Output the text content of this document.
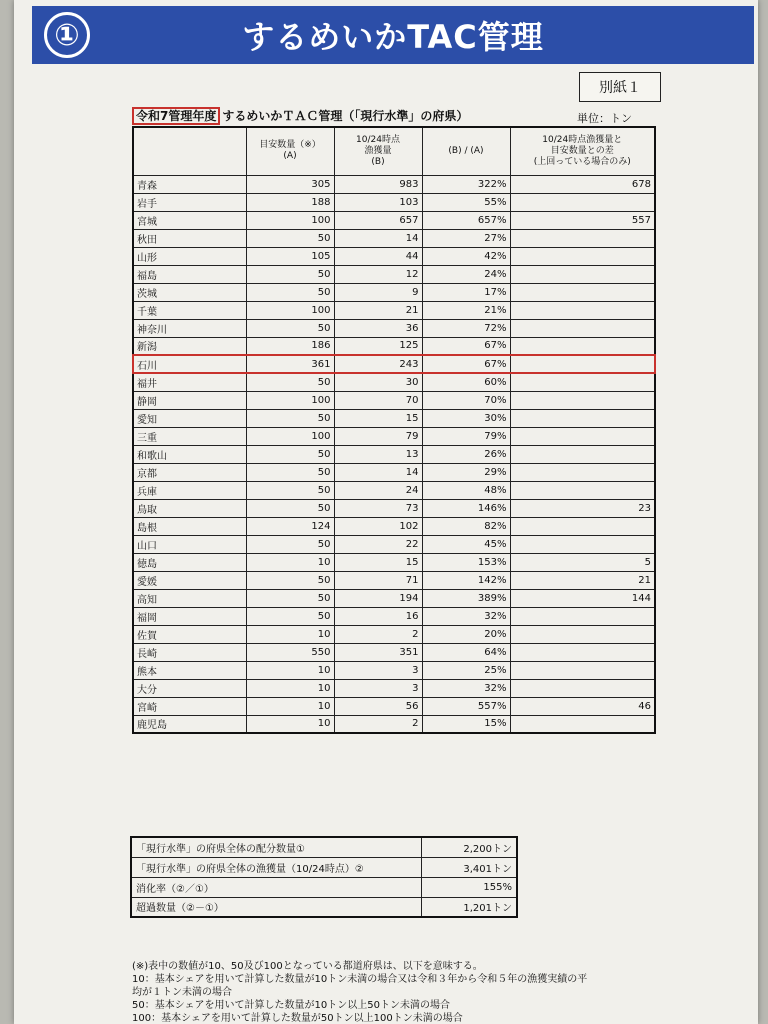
①	するめいかTAC管理
別紙１
令和7管理年度 するめいかＴＡＣ管理（「現行水準」の府県）	単位：トン
	目安数量（※）
(A)	10/24時点
漁獲量
(B)	(B) / (A)	10/24時点漁獲量と
目安数量との差
(上回っている場合のみ)
青森	305	983	322%	678
岩手	188	103	55%	
宮城	100	657	657%	557
秋田	50	14	27%	
山形	105	44	42%	
福島	50	12	24%	
茨城	50	9	17%	
千葉	100	21	21%	
神奈川	50	36	72%	
新潟	186	125	67%	
石川	361	243	67%	
福井	50	30	60%	
静岡	100	70	70%	
愛知	50	15	30%	
三重	100	79	79%	
和歌山	50	13	26%	
京都	50	14	29%	
兵庫	50	24	48%	
鳥取	50	73	146%	23
島根	124	102	82%	
山口	50	22	45%	
徳島	10	15	153%	5
愛媛	50	71	142%	21
高知	50	194	389%	144
福岡	50	16	32%	
佐賀	10	2	20%	
長崎	550	351	64%	
熊本	10	3	25%	
大分	10	3	32%	
宮崎	10	56	557%	46
鹿児島	10	2	15%	
「現行水準」の府県全体の配分数量①	2,200トン
「現行水準」の府県全体の漁獲量（10/24時点）②	3,401トン
消化率（②／①）	155%
超過数量（②－①）	1,201トン
(※)表中の数値が10、50及び100となっている都道府県は、以下を意味する。
10：基本シェアを用いて計算した数量が10トン未満の場合又は令和３年から令和５年の漁獲実績の平
均が１トン未満の場合
50：基本シェアを用いて計算した数量が10トン以上50トン未満の場合
100：基本シェアを用いて計算した数量が50トン以上100トン未満の場合
